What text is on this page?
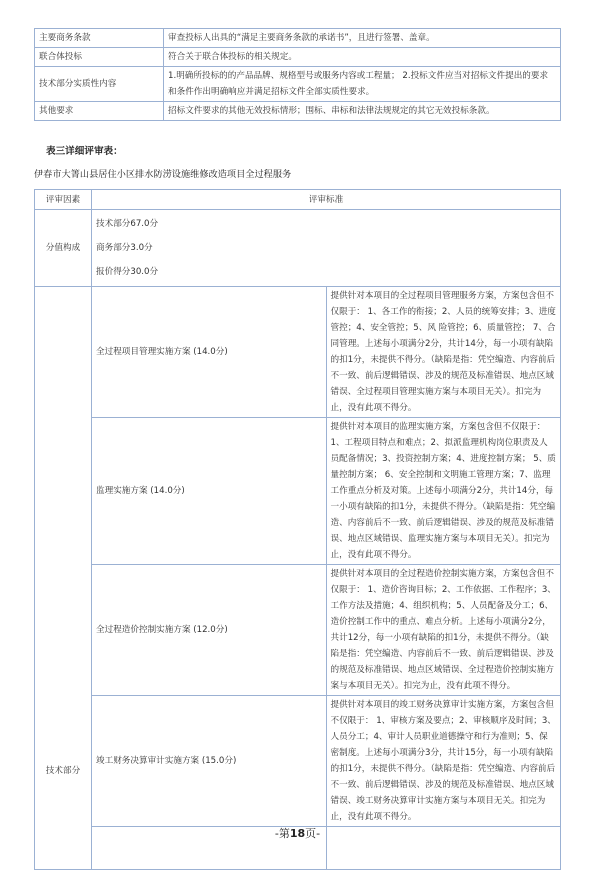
主要商务条款	审查投标人出具的“满足主要商务条款的承诺书”，且进行签署、盖章。
联合体投标	符合关于联合体投标的相关规定。
技术部分实质性内容	1.明确所投标的的产品品牌、规格型号或服务内容或工程量； 2.投标文件应当对招标文件提出的要求和条件作出明确响应并满足招标文件全部实质性要求。
其他要求	招标文件要求的其他无效投标情形；围标、串标和法律法规规定的其它无效投标条款。
表三详细评审表：
伊春市大箐山县居住小区排水防涝设施维修改造项目全过程服务
评审因素	评审标准	
分值构成	技术部分67.0分
商务部分3.0分
报价得分30.0分	

技术部分	全过程项目管理实施方案 (14.0分)	提供针对本项目的全过程项目管理服务方案，方案包含但不仅限于： 1、各工作的衔接；2、人员的统筹安排；3、进度管控；4、安全管控；5、风 险管控；6、质量管控； 7、合同管理。上述每小项满分2分，共计14分，每一小项有缺陷的扣1分，未提供不得分。（缺陷是指：凭空编造、内容前后不一致、前后逻辑错误、涉及的规范及标准错误、地点区域错误、全过程项目管理实施方案与本项目无关）。扣完为止，没有此项不得分。
	监理实施方案 (14.0分)	提供针对本项目的监理实施方案，方案包含但不仅限于：1、工程项目特点和难点；2、拟派监理机构岗位职责及人员配备情况；3、投资控制方案；4、进度控制方案； 5、质量控制方案； 6、安全控制和文明施工管理方案；7、监理工作重点分析及对策。上述每小项满分2分，共计14分，每一小项有缺陷的扣1分，未提供不得分。（缺陷是指：凭空编造、内容前后不一致、前后逻辑错误、涉及的规范及标准错误、地点区域错误、监理实施方案与本项目无关）。扣完为止，没有此项不得分。
	全过程造价控制实施方案 (12.0分)	提供针对本项目的全过程造价控制实施方案，方案包含但不仅限于： 1、造价咨询目标；2、工作依据、工作程序；3、工作方法及措施；4、组织机构；5、人员配备及分工；6、造价控制工作中的重点、难点分析。上述每小项满分2分，共计12分，每一小项有缺陷的扣1分，未提供不得分。（缺陷是指：凭空编造、内容前后不一致、前后逻辑错误、涉及的规范及标准错误、地点区域错误、全过程造价控制实施方案与本项目无关）。扣完为止，没有此项不得分。
	竣工财务决算审计实施方案 (15.0分)	提供针对本项目的竣工财务决算审计实施方案，方案包含但不仅限于： 1、审核方案及要点；2、审核顺序及时间；3、人员分工；4、审计人员职业道德操守和行为准则；5、保密制度。上述每小项满分3分，共计15分，每一小项有缺陷的扣1分，未提供不得分。（缺陷是指：凭空编造、内容前后不一致、前后逻辑错误、涉及的规范及标准错误、地点区域错误、竣工财务决算审计实施方案与本项目无关。扣完为止，没有此项不得分。

-第18页-
